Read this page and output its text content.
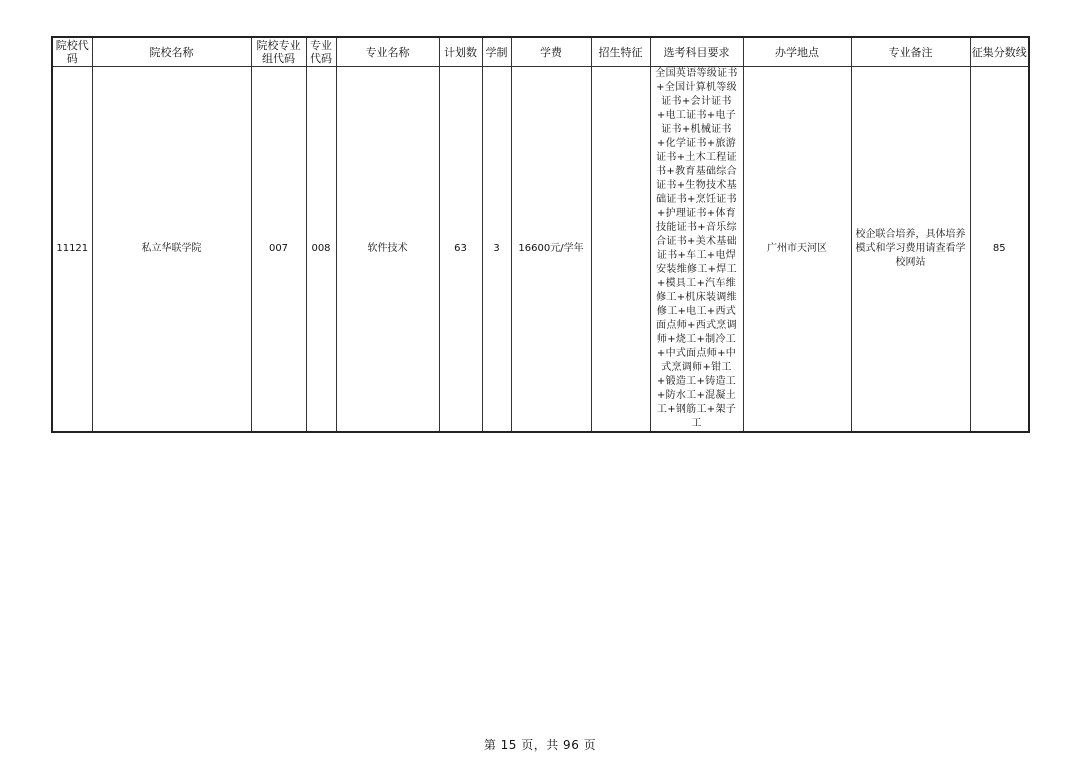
院校代码	院校名称	院校专业组代码	专业代码	专业名称	计划数	学制	学费	招生特征	选考科目要求	办学地点	专业备注	征集分数线
11121	私立华联学院	007	008	软件技术	63	3	16600元/学年		全国英语等级证书+全国计算机等级证书+会计证书+电工证书+电子证书+机械证书+化学证书+旅游证书+土木工程证书+教育基础综合证书+生物技术基础证书+烹饪证书+护理证书+体育技能证书+音乐综合证书+美术基础证书+车工+电焊安装维修工+焊工+模具工+汽车维修工+机床装调维修工+电工+西式面点师+西式烹调师+烧工+制冷工+中式面点师+中式烹调师+钳工+锻造工+铸造工+防水工+混凝土工+钢筋工+架子工	广州市天河区	校企联合培养，具体培养模式和学习费用请查看学校网站	85
第 15 页，共 96 页
